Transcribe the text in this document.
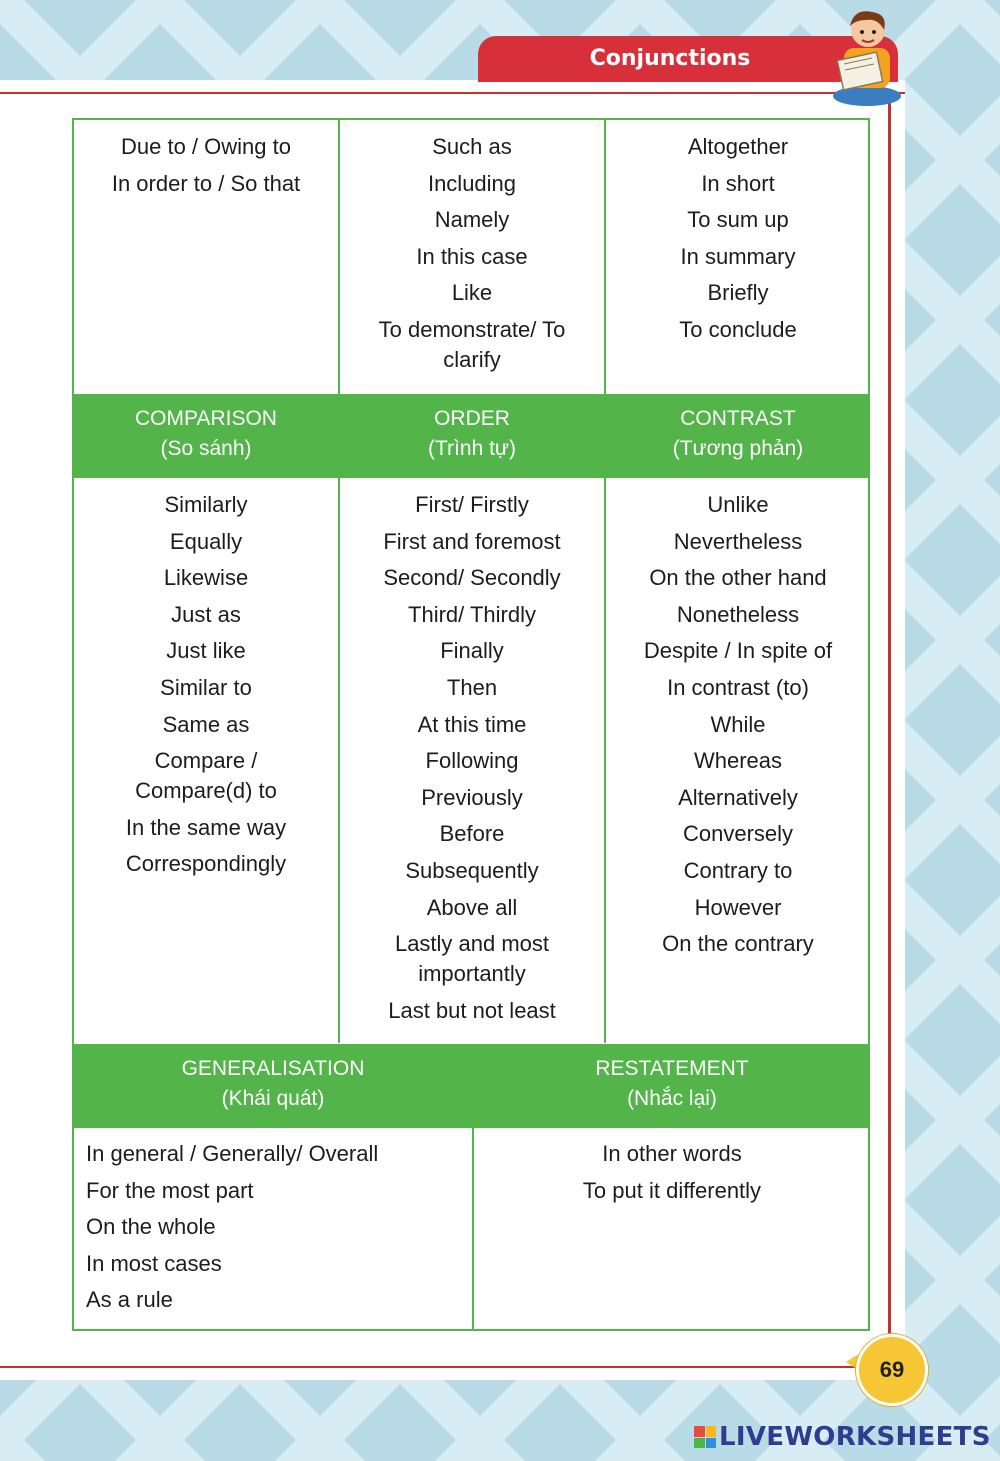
Conjunctions
Due to / Owing to
In order to / So that
Such as
Including
Namely
In this case
Like
To demonstrate/ To clarify
Altogether
In short
To sum up
In summary
Briefly
To conclude
COMPARISON
(So sánh)
ORDER
(Trình tự)
CONTRAST
(Tương phản)
Similarly
Equally
Likewise
Just as
Just like
Similar to
Same as
Compare / Compare(d) to
In the same way
Correspondingly
First/ Firstly
First and foremost
Second/ Secondly
Third/ Thirdly
Finally
Then
At this time
Following
Previously
Before
Subsequently
Above all
Lastly and most importantly
Last but not least
Unlike
Nevertheless
On the other hand
Nonetheless
Despite / In spite of
In contrast (to)
While
Whereas
Alternatively
Conversely
Contrary to
However
On the contrary
GENERALISATION
(Khái quát)
RESTATEMENT
(Nhắc lại)
In general / Generally/ Overall
For the most part
On the whole
In most cases
As a rule
In other words
To put it differently
69
LIVEWORKSHEETS
